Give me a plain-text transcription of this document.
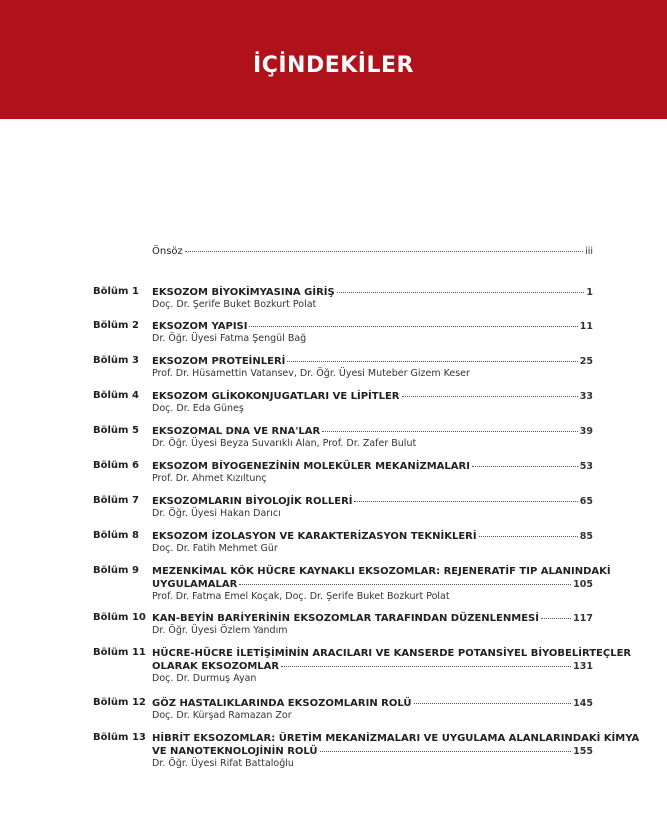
İÇİNDEKİLER
Önsöz	iii
Bölüm 1 EKSOZOM BİYOKİMYASINA GİRİŞ	1
Doç. Dr. Şerife Buket Bozkurt Polat
Bölüm 2 EKSOZOM YAPISI	11
Dr. Öğr. Üyesi Fatma Şengül Bağ
Bölüm 3 EKSOZOM PROTEİNLERİ	25
Prof. Dr. Hüsamettin Vatansev, Dr. Öğr. Üyesi Muteber Gizem Keser
Bölüm 4 EKSOZOM GLİKOKONJUGATLARI VE LİPİTLER	33
Doç. Dr. Eda Güneş
Bölüm 5 EKSOZOMAL DNA VE RNA'LAR	39
Dr. Öğr. Üyesi Beyza Suvarıklı Alan, Prof. Dr. Zafer Bulut
Bölüm 6 EKSOZOM BİYOGENEZİNİN MOLEKÜLER MEKANİZMALARI	53
Prof. Dr. Ahmet Kızıltunç
Bölüm 7 EKSOZOMLARIN BİYOLOJİK ROLLERİ	65
Dr. Öğr. Üyesi Hakan Darıcı
Bölüm 8 EKSOZOM İZOLASYON VE KARAKTERİZASYON TEKNİKLERİ	85
Doç. Dr. Fatih Mehmet Gür
Bölüm 9 MEZENKİMAL KÖK HÜCRE KAYNAKLI EKSOZOMLAR: REJENERATİF TIP ALANINDAKİ
UYGULAMALAR	105
Prof. Dr. Fatma Emel Koçak, Doç. Dr. Şerife Buket Bozkurt Polat
Bölüm 10 KAN-BEYİN BARİYERİNİN EKSOZOMLAR TARAFINDAN DÜZENLENMESİ	117
Dr. Öğr. Üyesi Özlem Yandım
Bölüm 11 HÜCRE-HÜCRE İLETİŞİMİNİN ARACILARI VE KANSERDE POTANSİYEL BİYOBELİRTEÇLER
OLARAK EKSOZOMLAR	131
Doç. Dr. Durmuş Ayan
Bölüm 12 GÖZ HASTALIKLARINDA EKSOZOMLARIN ROLÜ	145
Doç. Dr. Kürşad Ramazan Zor
Bölüm 13 HİBRİT EKSOZOMLAR: ÜRETİM MEKANİZMALARI VE UYGULAMA ALANLARINDAKİ KİMYA
VE NANOTEKNOLOJİNİN ROLÜ	155
Dr. Öğr. Üyesi Rifat Battaloğlu
